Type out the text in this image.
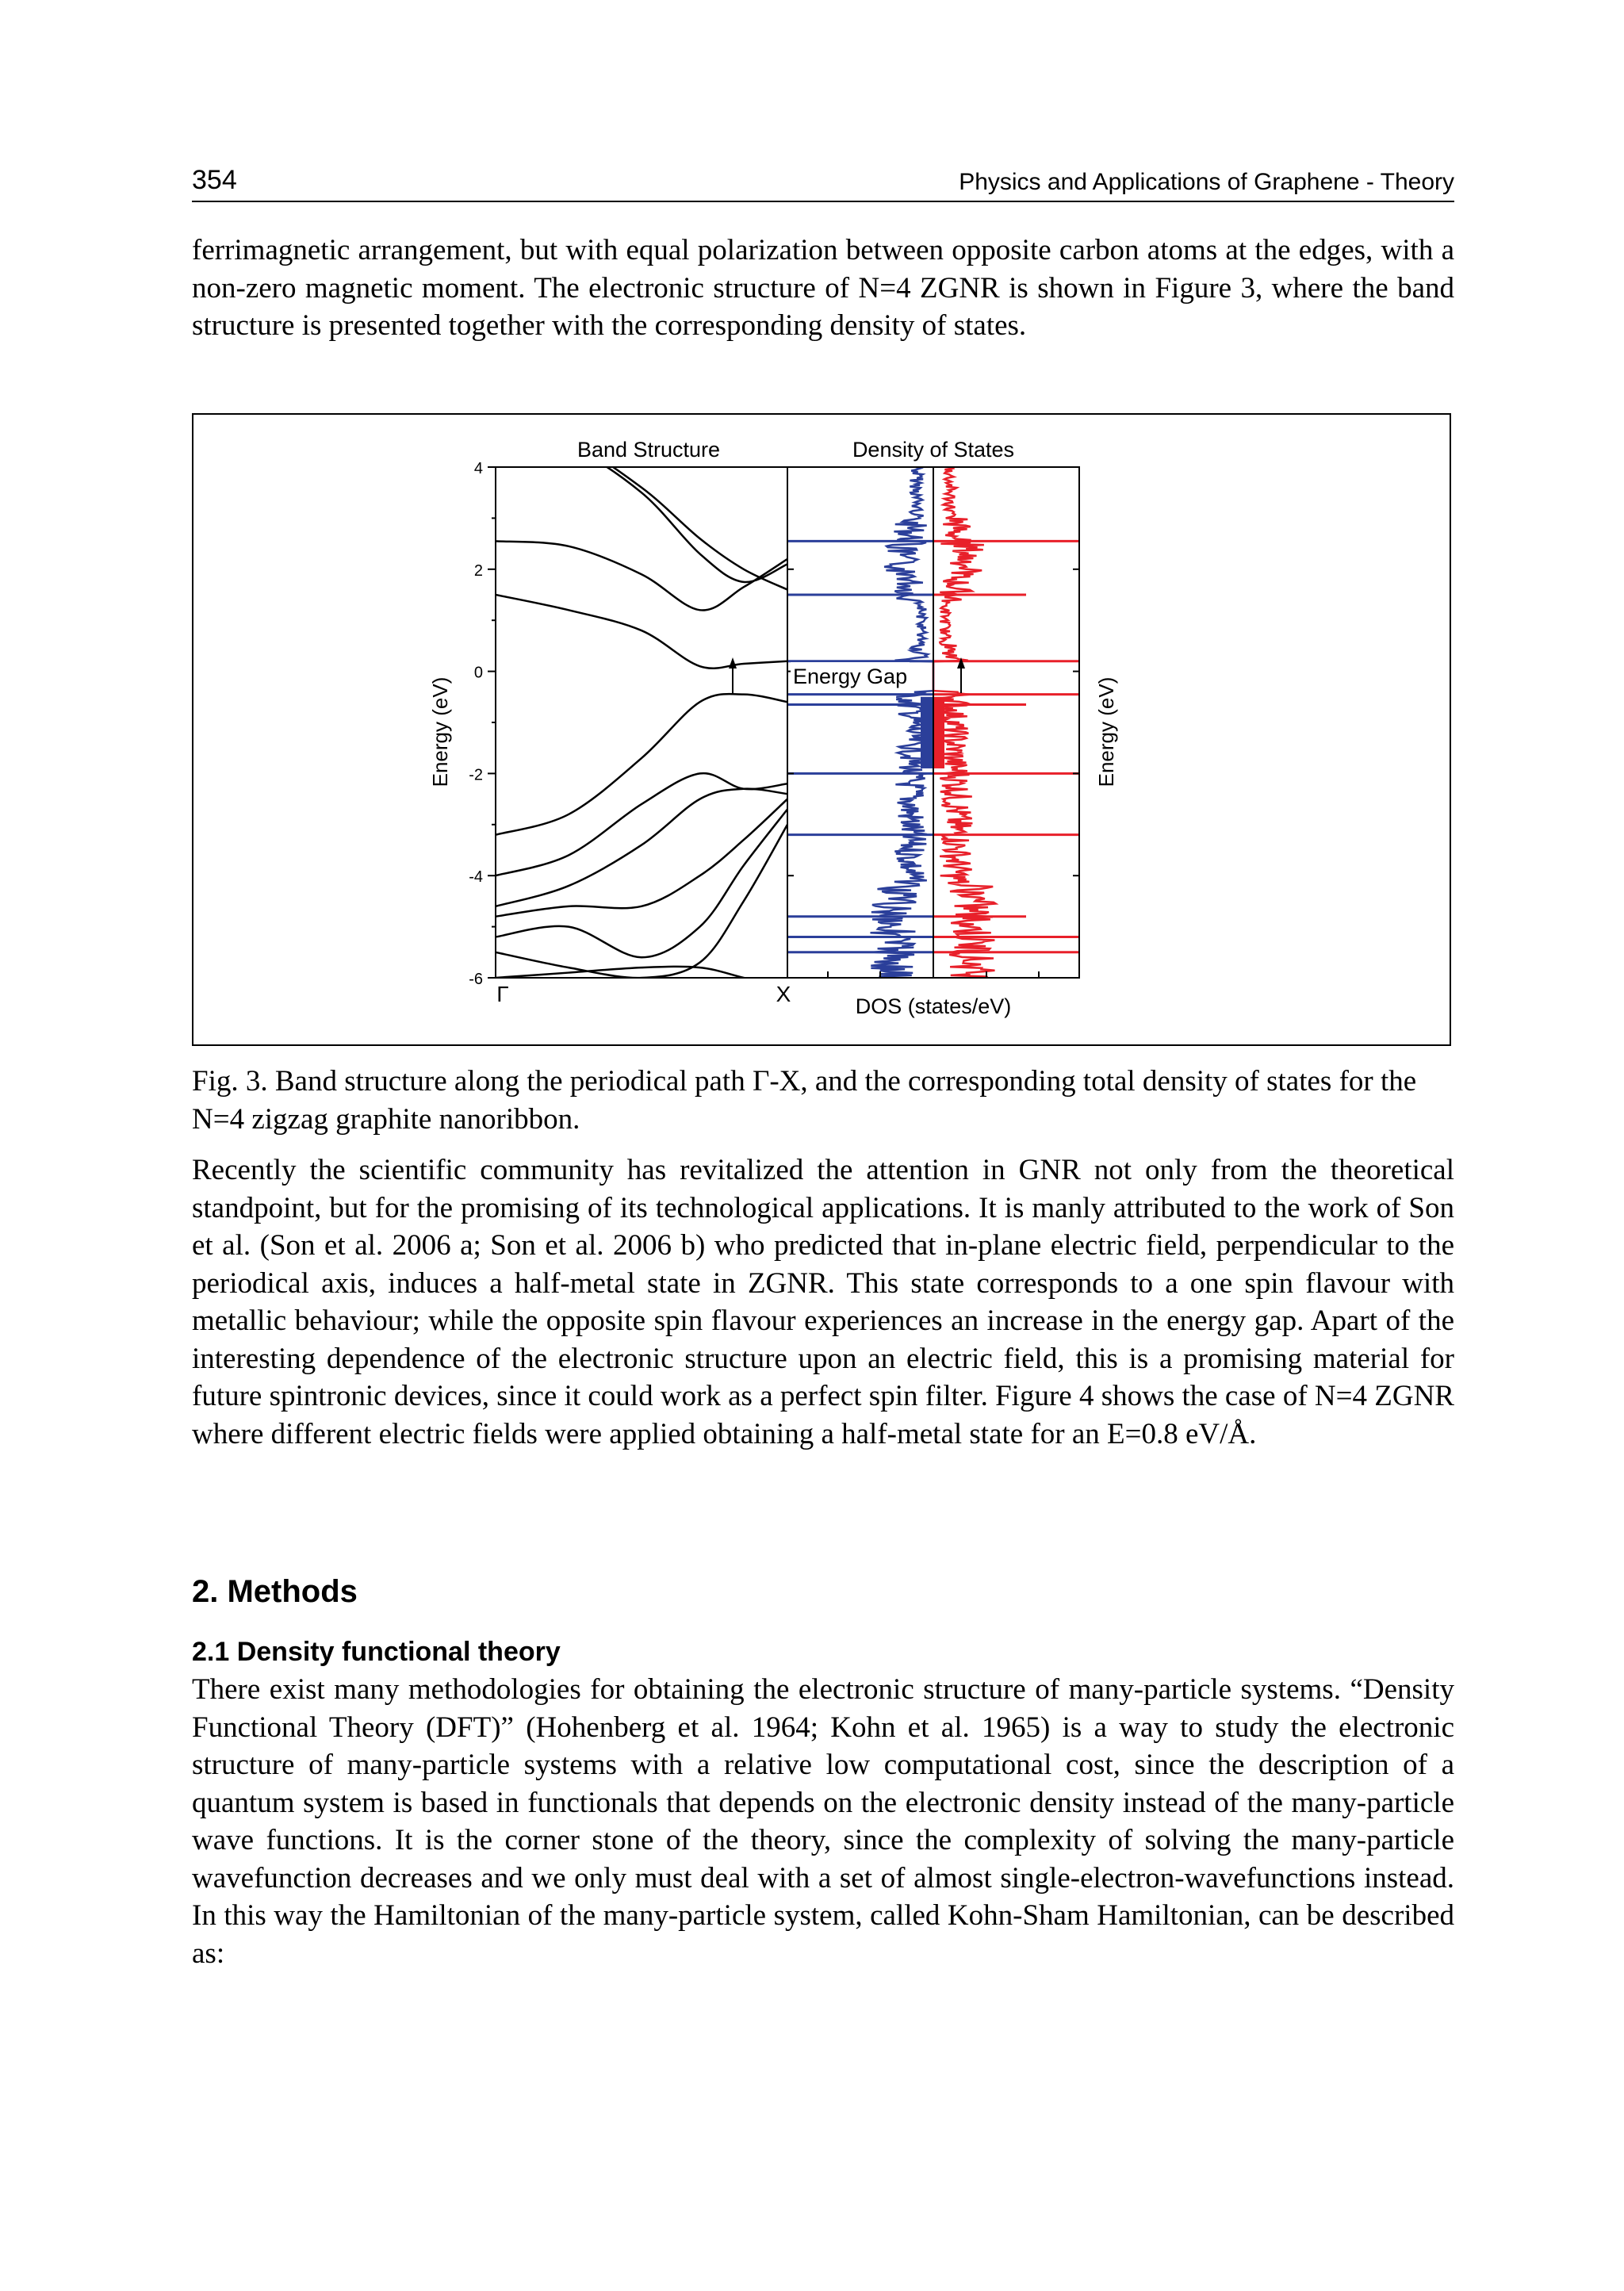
354	Physics and Applications of Graphene - Theory

ferrimagnetic arrangement, but with equal polarization between opposite carbon atoms at the edges, with a non-zero magnetic moment. The electronic structure of N=4 ZGNR is shown in Figure 3, where the band structure is presented together with the corresponding density of states.

4
2
0
-2
-4
-6
Band Structure	Density of States
Energy (eV)	Energy (eV)
DOS (states/eV)
Γ	X
Energy Gap

Fig. 3. Band structure along the periodical path Γ-X, and the corresponding total density of states for the N=4 zigzag graphite nanoribbon.

Recently the scientific community has revitalized the attention in GNR not only from the theoretical standpoint, but for the promising of its technological applications. It is manly attributed to the work of Son et al. (Son et al. 2006 a; Son et al. 2006 b) who predicted that in-plane electric field, perpendicular to the periodical axis, induces a half-metal state in ZGNR. This state corresponds to a one spin flavour with metallic behaviour; while the opposite spin flavour experiences an increase in the energy gap. Apart of the interesting dependence of the electronic structure upon an electric field, this is a promising material for future spintronic devices, since it could work as a perfect spin filter. Figure 4 shows the case of N=4 ZGNR where different electric fields were applied obtaining a half-metal state for an E=0.8 eV/Å.

2. Methods
2.1 Density functional theory

There exist many methodologies for obtaining the electronic structure of many-particle systems. “Density Functional Theory (DFT)” (Hohenberg et al. 1964; Kohn et al. 1965) is a way to study the electronic structure of many-particle systems with a relative low computational cost, since the description of a quantum system is based in functionals that depends on the electronic density instead of the many-particle wave functions. It is the corner stone of the theory, since the complexity of solving the many-particle wavefunction decreases and we only must deal with a set of almost single-electron-wavefunctions instead. In this way the Hamiltonian of the many-particle system, called Kohn-Sham Hamiltonian, can be described as:
